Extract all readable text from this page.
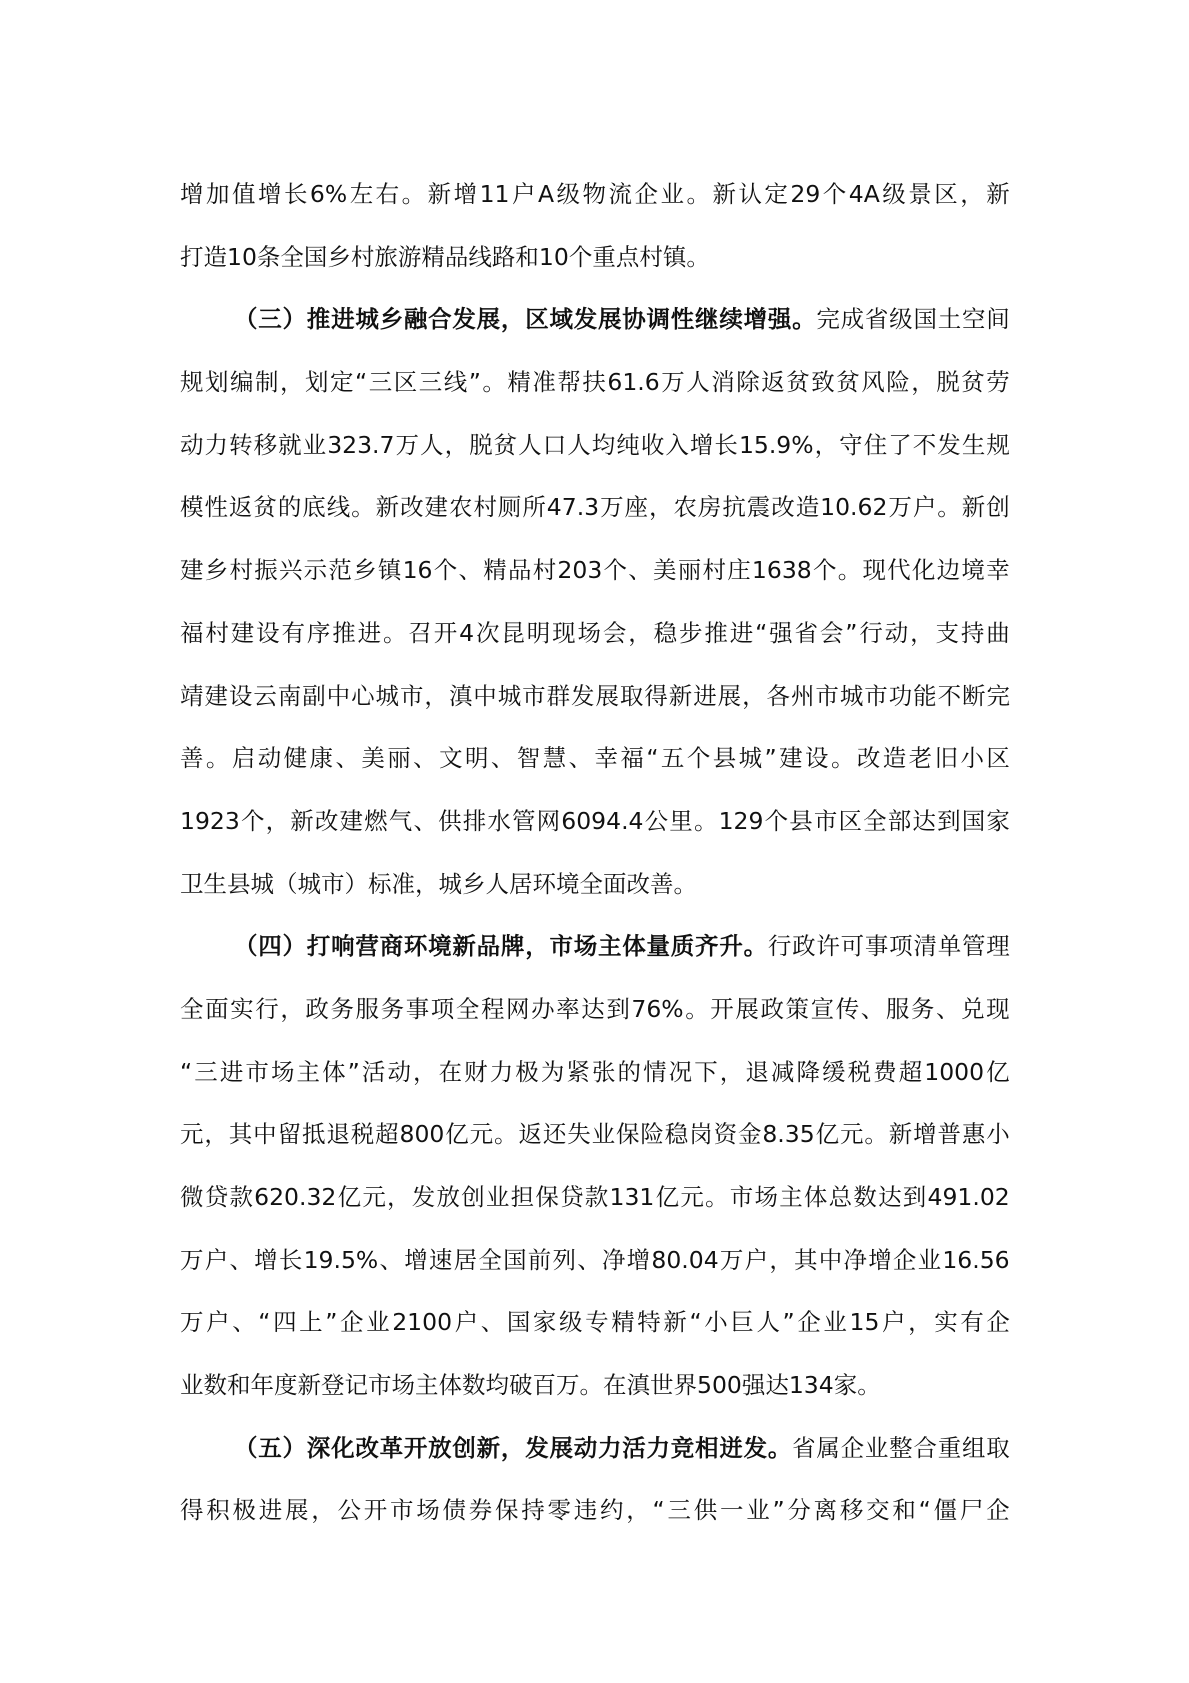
增 加 值 增 长 6% 左 右 。 新 增 11 户 A 级 物 流 企 业 。 新 认 定 29 个 4A 级 景 区 ， 新
打 造 10 条 全 国 乡 村 旅 游 精 品 线 路 和 10 个 重 点 村 镇 。
（ 三 ） 推 进 城 乡 融 合 发 展 ， 区 域 发 展 协 调 性 继 续 增 强 。 完 成 省 级 国 土 空 间
规 划 编 制 ， 划 定 “ 三 区 三 线 ” 。 精 准 帮 扶 61.6 万 人 消 除 返 贫 致 贫 风 险 ， 脱 贫 劳
动 力 转 移 就 业 323.7 万 人 ， 脱 贫 人 口 人 均 纯 收 入 增 长 15.9% ， 守 住 了 不 发 生 规
模 性 返 贫 的 底 线 。 新 改 建 农 村 厕 所 47.3 万 座 ， 农 房 抗 震 改 造 10.62 万 户 。 新 创
建 乡 村 振 兴 示 范 乡 镇 16 个 、 精 品 村 203 个 、 美 丽 村 庄 1638 个 。 现 代 化 边 境 幸
福 村 建 设 有 序 推 进 。 召 开 4 次 昆 明 现 场 会 ， 稳 步 推 进 “ 强 省 会 ” 行 动 ， 支 持 曲
靖 建 设 云 南 副 中 心 城 市 ， 滇 中 城 市 群 发 展 取 得 新 进 展 ， 各 州 市 城 市 功 能 不 断 完
善 。 启 动 健 康 、 美 丽 、 文 明 、 智 慧 、 幸 福 “ 五 个 县 城 ” 建 设 。 改 造 老 旧 小 区
1923 个 ， 新 改 建 燃 气 、 供 排 水 管 网 6094.4 公 里 。 129 个 县 市 区 全 部 达 到 国 家
卫 生 县 城 （ 城 市 ） 标 准 ， 城 乡 人 居 环 境 全 面 改 善 。
（ 四 ） 打 响 营 商 环 境 新 品 牌 ， 市 场 主 体 量 质 齐 升 。 行 政 许 可 事 项 清 单 管 理
全 面 实 行 ， 政 务 服 务 事 项 全 程 网 办 率 达 到 76% 。 开 展 政 策 宣 传 、 服 务 、 兑 现
“ 三 进 市 场 主 体 ” 活 动 ， 在 财 力 极 为 紧 张 的 情 况 下 ， 退 减 降 缓 税 费 超 1000 亿
元 ， 其 中 留 抵 退 税 超 800 亿 元 。 返 还 失 业 保 险 稳 岗 资 金 8.35 亿 元 。 新 增 普 惠 小
微 贷 款 620.32 亿 元 ， 发 放 创 业 担 保 贷 款 131 亿 元 。 市 场 主 体 总 数 达 到 491.02
万 户 、 增 长 19.5% 、 增 速 居 全 国 前 列 、 净 增 80.04 万 户 ， 其 中 净 增 企 业 16.56
万 户 、 “ 四 上 ” 企 业 2100 户 、 国 家 级 专 精 特 新 “ 小 巨 人 ” 企 业 15 户 ， 实 有 企
业 数 和 年 度 新 登 记 市 场 主 体 数 均 破 百 万 。 在 滇 世 界 500 强 达 134 家 。
（ 五 ） 深 化 改 革 开 放 创 新 ， 发 展 动 力 活 力 竞 相 迸 发 。 省 属 企 业 整 合 重 组 取
得 积 极 进 展 ， 公 开 市 场 债 券 保 持 零 违 约 ， “ 三 供 一 业 ” 分 离 移 交 和 “ 僵 尸 企
